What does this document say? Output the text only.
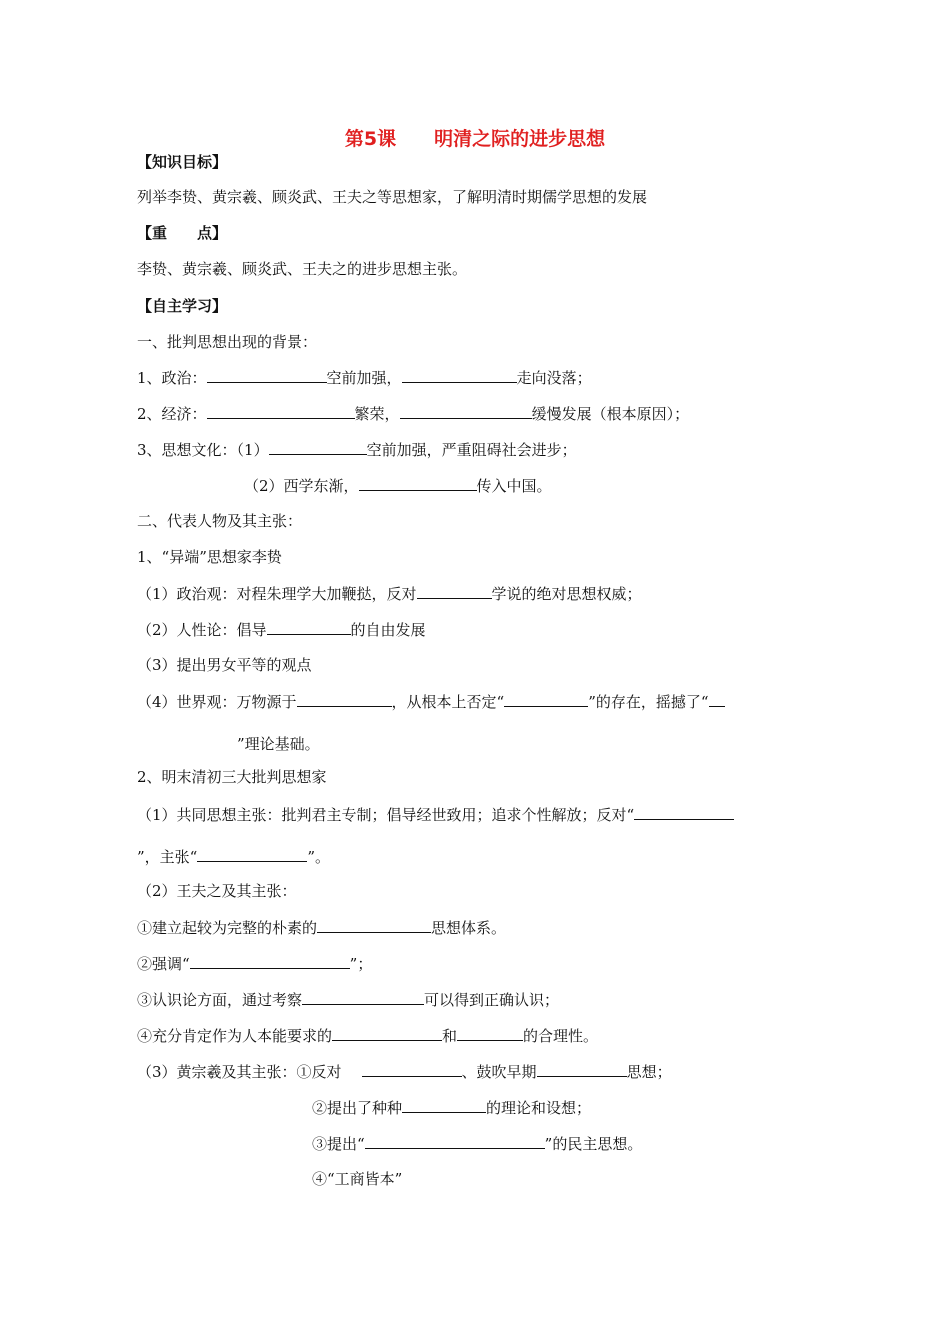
第5课 明清之际的进步思想
【知识目标】
列举李贽、黄宗羲、顾炎武、王夫之等思想家，了解明清时期儒学思想的发展
【重　　点】
李贽、黄宗羲、顾炎武、王夫之的进步思想主张。
【自主学习】
一、批判思想出现的背景：
1、政治：	空前加强，	走向没落；
2、经济：	繁荣，	缓慢发展（根本原因）；
3、思想文化：（1）	空前加强，严重阻碍社会进步；
（2）西学东渐，	传入中国。
二、代表人物及其主张：
1、“异端”思想家李贽
（1）政治观：对程朱理学大加鞭挞，反对	学说的绝对思想权威；
（2）人性论：倡导	的自由发展
（3）提出男女平等的观点
（4）世界观：万物源于	，从根本上否定“	”的存在，摇撼了“
”理论基础。
2、明末清初三大批判思想家
（1）共同思想主张：批判君主专制；倡导经世致用；追求个性解放；反对“
”，主张“	”。
（2）王夫之及其主张：
①建立起较为完整的朴素的	思想体系。
②强调“	”；
③认识论方面，通过考察	可以得到正确认识；
④充分肯定作为人本能要求的	和	的合理性。
（3）黄宗羲及其主张：①反对	、鼓吹早期	思想；
②提出了种种	的理论和设想；
③提出“	”的民主思想。
④“工商皆本”
